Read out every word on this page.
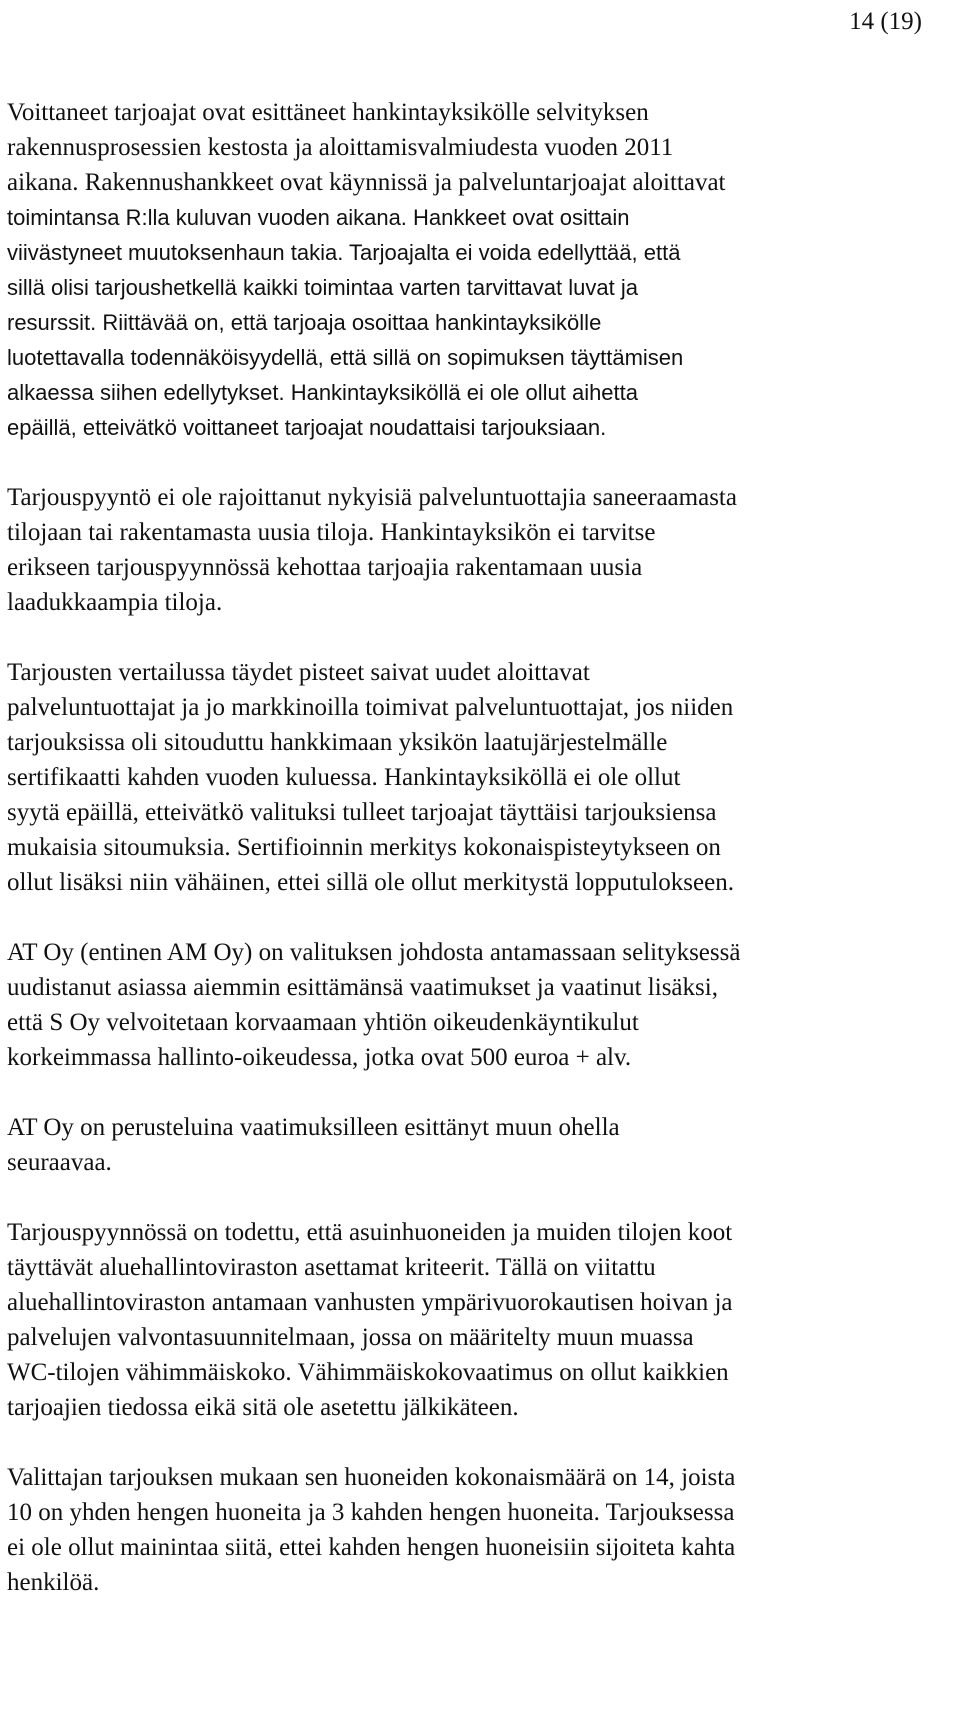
14 (19)
Voittaneet tarjoajat ovat esittäneet hankintayksikölle selvityksen
rakennusprosessien kestosta ja aloittamisvalmiudesta vuoden 2011
aikana. Rakennushankkeet ovat käynnissä ja palveluntarjoajat aloittavat
toimintansa R:lla kuluvan vuoden aikana. Hankkeet ovat osittain
viivästyneet muutoksenhaun takia. Tarjoajalta ei voida edellyttää, että
sillä olisi tarjoushetkellä kaikki toimintaa varten tarvittavat luvat ja
resurssit. Riittävää on, että tarjoaja osoittaa hankintayksikölle
luotettavalla todennäköisyydellä, että sillä on sopimuksen täyttämisen
alkaessa siihen edellytykset. Hankintayksiköllä ei ole ollut aihetta
epäillä, etteivätkö voittaneet tarjoajat noudattaisi tarjouksiaan.
Tarjouspyyntö ei ole rajoittanut nykyisiä palveluntuottajia saneeraamasta
tilojaan tai rakentamasta uusia tiloja. Hankintayksikön ei tarvitse
erikseen tarjouspyynnössä kehottaa tarjoajia rakentamaan uusia
laadukkaampia tiloja.
Tarjousten vertailussa täydet pisteet saivat uudet aloittavat
palveluntuottajat ja jo markkinoilla toimivat palveluntuottajat, jos niiden
tarjouksissa oli sitouduttu hankkimaan yksikön laatujärjestelmälle
sertifikaatti kahden vuoden kuluessa. Hankintayksiköllä ei ole ollut
syytä epäillä, etteivätkö valituksi tulleet tarjoajat täyttäisi tarjouksiensa
mukaisia sitoumuksia. Sertifioinnin merkitys kokonaispisteytykseen on
ollut lisäksi niin vähäinen, ettei sillä ole ollut merkitystä lopputulokseen.
AT Oy (entinen AM Oy) on valituksen johdosta antamassaan selityksessä
uudistanut asiassa aiemmin esittämänsä vaatimukset ja vaatinut lisäksi,
että S Oy velvoitetaan korvaamaan yhtiön oikeudenkäyntikulut
korkeimmassa hallinto-oikeudessa, jotka ovat 500 euroa + alv.
AT Oy on perusteluina vaatimuksilleen esittänyt muun ohella
seuraavaa.
Tarjouspyynnössä on todettu, että asuinhuoneiden ja muiden tilojen koot
täyttävät aluehallintoviraston asettamat kriteerit. Tällä on viitattu
aluehallintoviraston antamaan vanhusten ympärivuorokautisen hoivan ja
palvelujen valvontasuunnitelmaan, jossa on määritelty muun muassa
WC-tilojen vähimmäiskoko. Vähimmäiskokovaatimus on ollut kaikkien
tarjoajien tiedossa eikä sitä ole asetettu jälkikäteen.
Valittajan tarjouksen mukaan sen huoneiden kokonaismäärä on 14, joista
10 on yhden hengen huoneita ja 3 kahden hengen huoneita. Tarjouksessa
ei ole ollut mainintaa siitä, ettei kahden hengen huoneisiin sijoiteta kahta
henkilöä.
